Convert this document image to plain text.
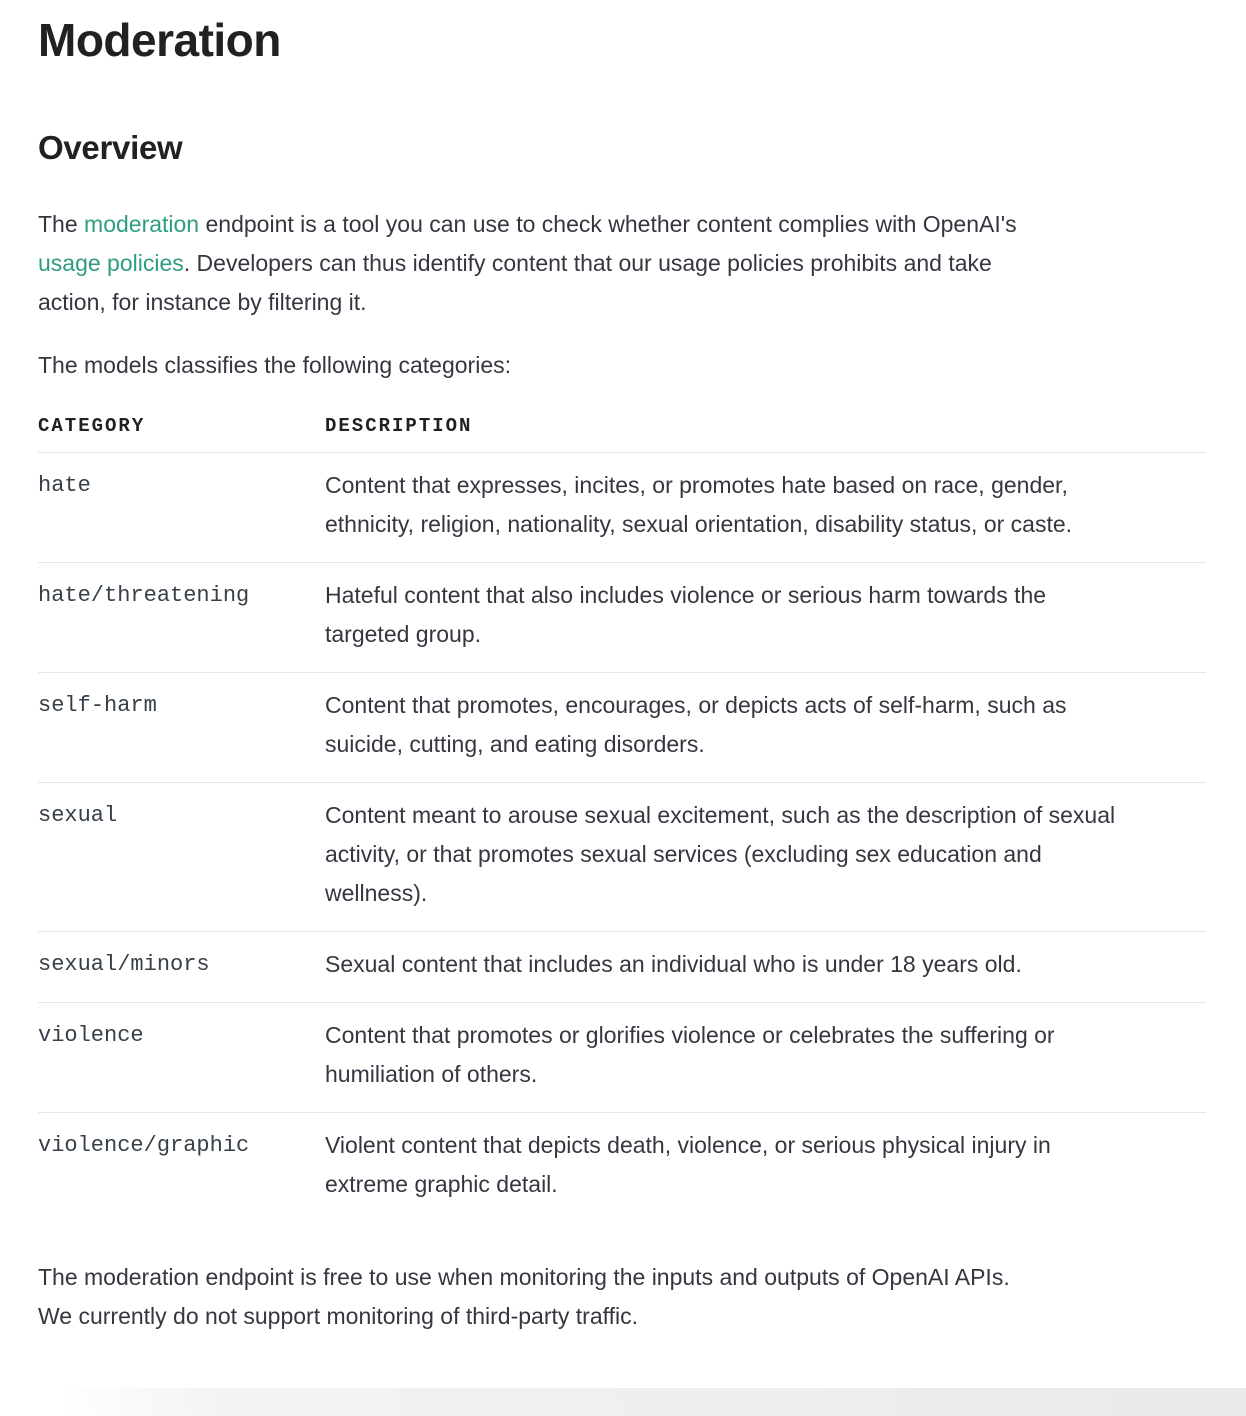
Moderation
Overview

The moderation endpoint is a tool you can use to check whether content complies with OpenAI's usage policies. Developers can thus identify content that our usage policies prohibits and take action, for instance by filtering it.

The models classifies the following categories:

CATEGORY	DESCRIPTION
hate	Content that expresses, incites, or promotes hate based on race, gender, ethnicity, religion, nationality, sexual orientation, disability status, or caste.
hate/threatening	Hateful content that also includes violence or serious harm towards the targeted group.
self-harm	Content that promotes, encourages, or depicts acts of self-harm, such as suicide, cutting, and eating disorders.
sexual	Content meant to arouse sexual excitement, such as the description of sexual activity, or that promotes sexual services (excluding sex education and wellness).
sexual/minors	Sexual content that includes an individual who is under 18 years old.
violence	Content that promotes or glorifies violence or celebrates the suffering or humiliation of others.
violence/graphic	Violent content that depicts death, violence, or serious physical injury in extreme graphic detail.

The moderation endpoint is free to use when monitoring the inputs and outputs of OpenAI APIs. We currently do not support monitoring of third-party traffic.
